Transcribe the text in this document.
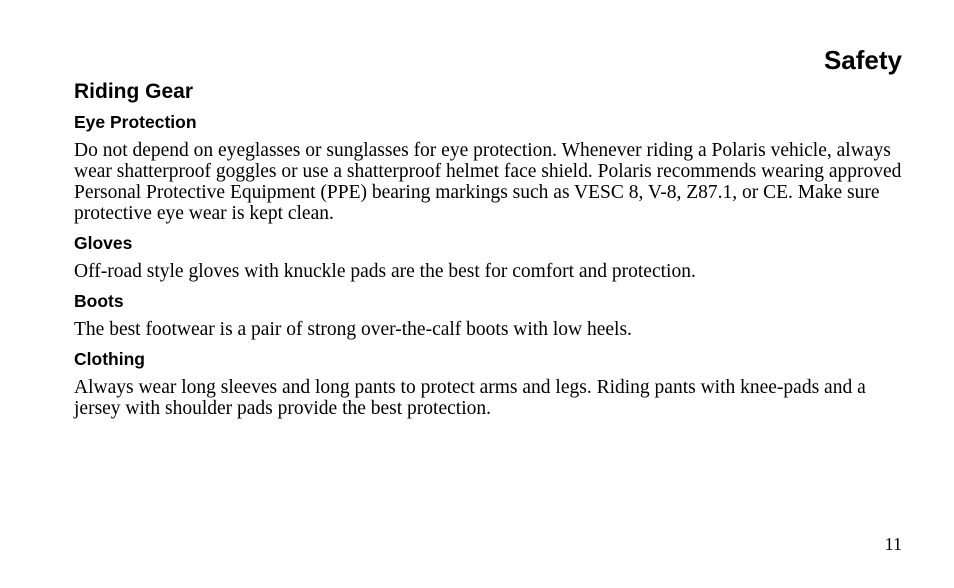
Safety
Riding Gear
Eye Protection

Do not depend on eyeglasses or sunglasses for eye protection. Whenever riding a Polaris vehicle, always wear shatterproof goggles or use a shatterproof helmet face shield. Polaris recommends wearing approved Personal Protective Equipment (PPE) bearing markings such as VESC 8, V-8, Z87.1, or CE. Make sure protective eye wear is kept clean.

Gloves

Off-road style gloves with knuckle pads are the best for comfort and protection.

Boots

The best footwear is a pair of strong over-the-calf boots with low heels.

Clothing

Always wear long sleeves and long pants to protect arms and legs. Riding pants with knee-pads and a jersey with shoulder pads provide the best protection.

11
